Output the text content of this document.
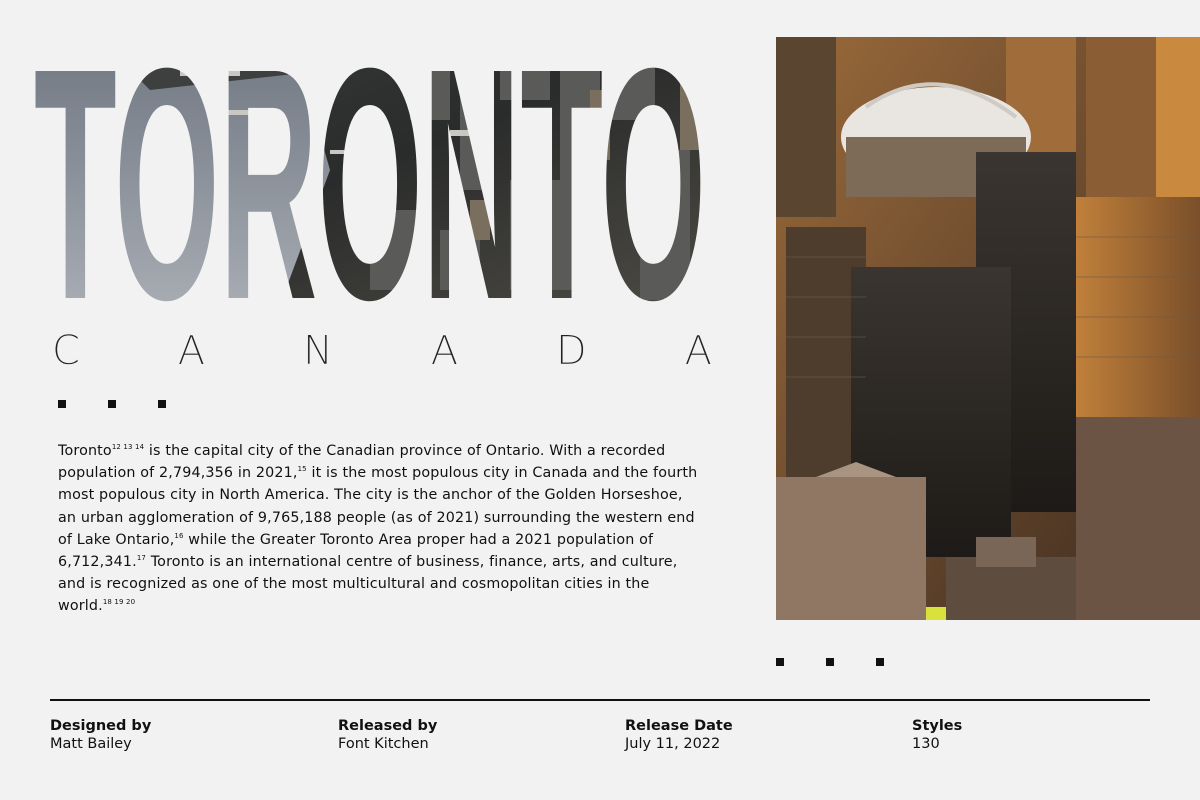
TORONTO
C A N A D A
Toronto$^{12 13 14}$ is the capital city of the Canadian province of Ontario. With a recorded population of 2,794,356 in 2021,15 it is the most populous city in Canada and the fourth most populous city in North America. The city is the anchor of the Golden Horseshoe, an urban agglomeration of 9,765,188 people (as of 2021) surrounding the western end of Lake Ontario,$^{16}$ while the Greater Toronto Area proper had a 2021 population of 6,712,341.17 Toronto is an international centre of business, finance, arts, and culture, and is recognized as one of the most multicultural and cosmopolitan cities in the world.$^{18 19 20}$
Designed by
Matt Bailey
Released by
Font Kitchen
Release Date
July 11, 2022
Styles
130
